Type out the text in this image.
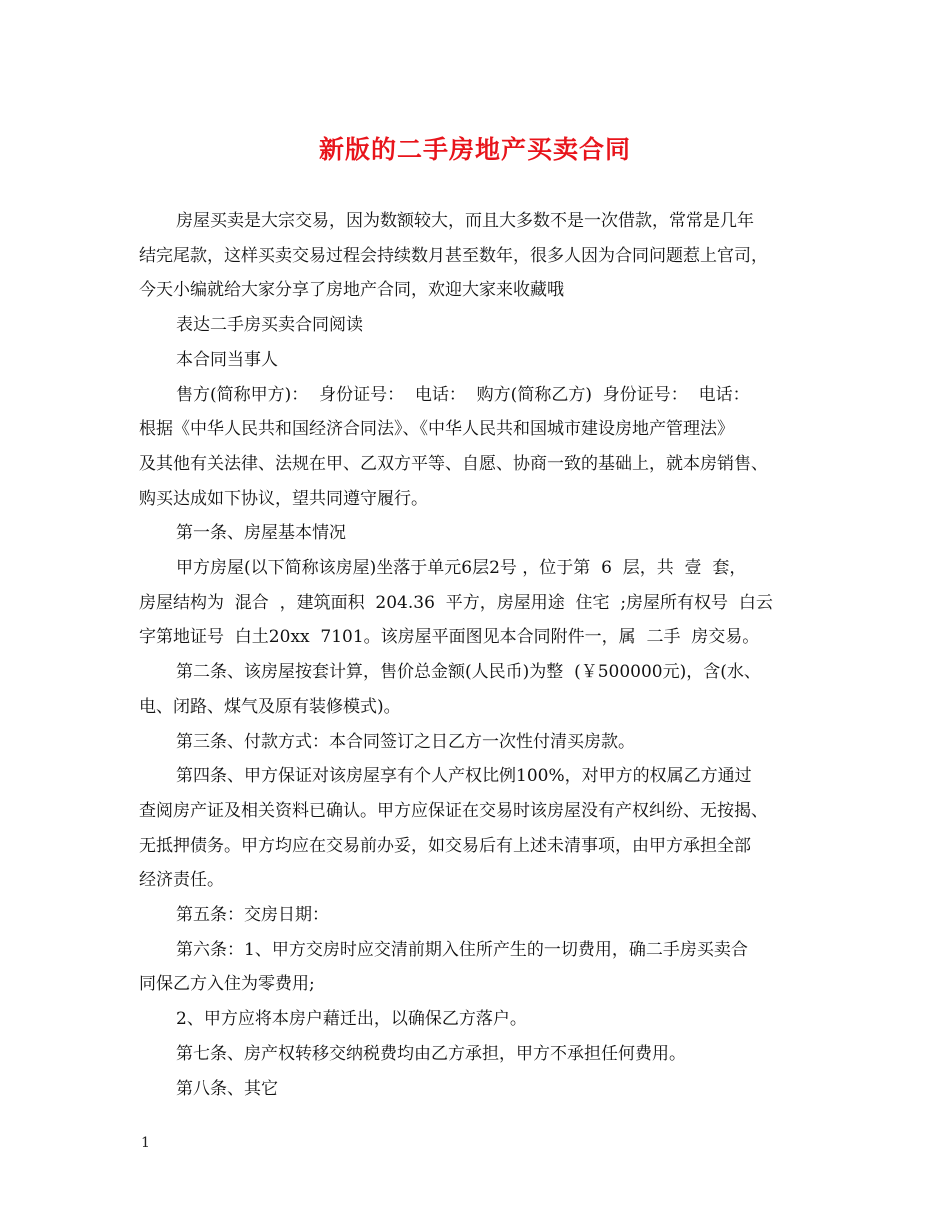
新版的二手房地产买卖合同
房屋买卖是大宗交易，因为数额较大，而且大多数不是一次借款，常常是几年
结完尾款，这样买卖交易过程会持续数月甚至数年，很多人因为合同问题惹上官司，
今天小编就给大家分享了房地产合同，欢迎大家来收藏哦
表达二手房买卖合同阅读
本合同当事人
售方(简称甲方)：  身份证号：  电话：  购方(简称乙方)  身份证号：  电话：
根据《中华人民共和国经济合同法》、《中华人民共和国城市建设房地产管理法》
及其他有关法律、法规在甲、乙双方平等、自愿、协商一致的基础上，就本房销售、
购买达成如下协议，望共同遵守履行。
第一条、房屋基本情况
甲方房屋(以下简称该房屋)坐落于单元6层2号 ，位于第  6  层，共  壹  套，
房屋结构为  混合  ，建筑面积  204.36  平方，房屋用途  住宅  ;房屋所有权号  白云
字第地证号  白土20xx  7101。该房屋平面图见本合同附件一，属  二手  房交易。
第二条、该房屋按套计算，售价总金额(人民币)为整  (￥500000元)，含(水、
电、闭路、煤气及原有装修模式)。
第三条、付款方式：本合同签订之日乙方一次性付清买房款。
第四条、甲方保证对该房屋享有个人产权比例100%，对甲方的权属乙方通过
查阅房产证及相关资料已确认。甲方应保证在交易时该房屋没有产权纠纷、无按揭、
无抵押债务。甲方均应在交易前办妥，如交易后有上述未清事项，由甲方承担全部
经济责任。
第五条：交房日期：
第六条：1、甲方交房时应交清前期入住所产生的一切费用，确二手房买卖合
同保乙方入住为零费用;
2、甲方应将本房户藉迁出，以确保乙方落户。
第七条、房产权转移交纳税费均由乙方承担，甲方不承担任何费用。
第八条、其它
1
